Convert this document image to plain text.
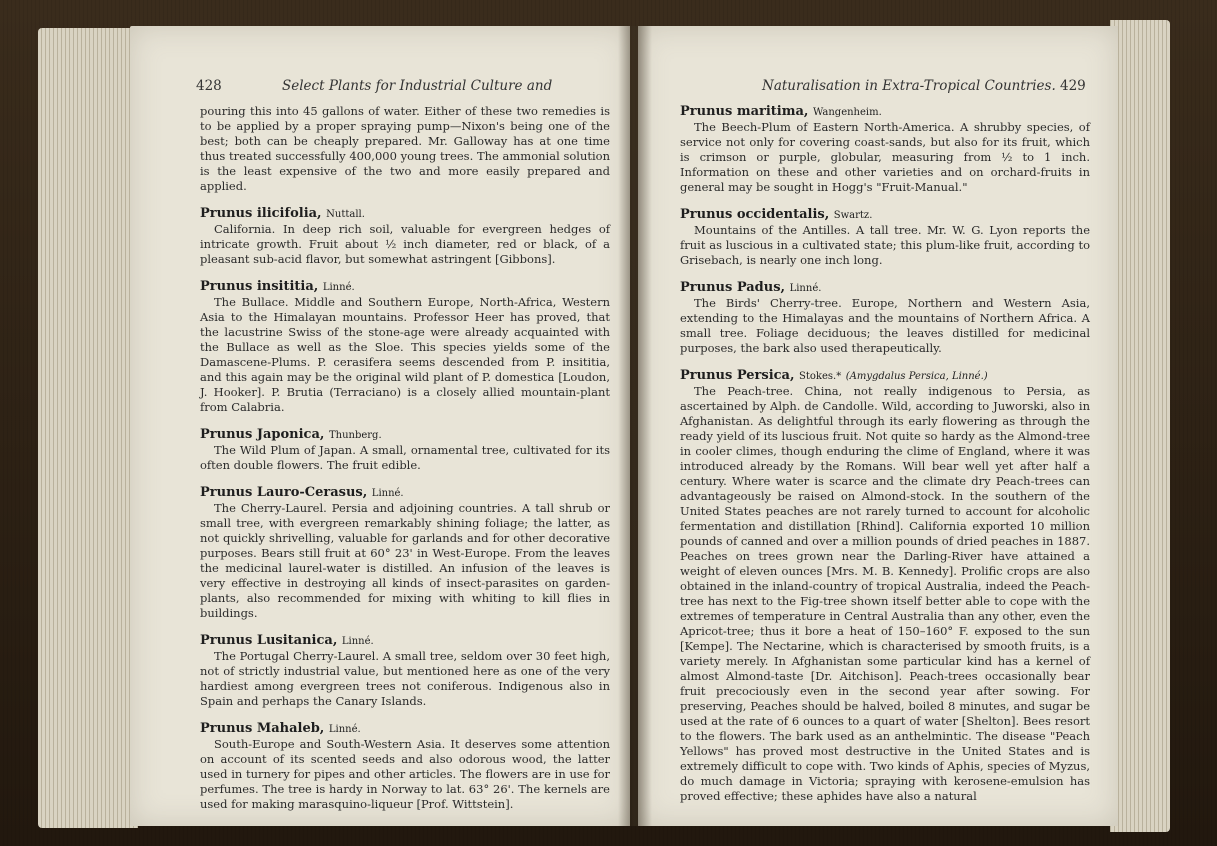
428	Select Plants for Industrial Culture and	Naturalisation in Extra-Tropical Countries. 429

pouring this into 45 gallons of water. Either of these two remedies is to be applied by a proper spraying pump—Nixon's being one of the best; both can be cheaply prepared. Mr. Galloway has at one time thus treated successfully 400,000 young trees. The ammonial solution is the least expensive of the two and more easily prepared and applied.

Prunus ilicifolia, Nuttall.

California. In deep rich soil, valuable for evergreen hedges of intricate growth. Fruit about ½ inch diameter, red or black, of a pleasant sub-acid flavor, but somewhat astringent [Gibbons].

Prunus insititia, Linné.

The Bullace. Middle and Southern Europe, North-Africa, Western Asia to the Himalayan mountains. Professor Heer has proved, that the lacustrine Swiss of the stone-age were already acquainted with the Bullace as well as the Sloe. This species yields some of the Damascene-Plums. P. cerasifera seems descended from P. insititia, and this again may be the original wild plant of P. domestica [Loudon, J. Hooker]. P. Brutia (Terraciano) is a closely allied mountain-plant from Calabria.

Prunus Japonica, Thunberg.

The Wild Plum of Japan. A small, ornamental tree, cultivated for its often double flowers. The fruit edible.

Prunus Lauro-Cerasus, Linné.

The Cherry-Laurel. Persia and adjoining countries. A tall shrub or small tree, with evergreen remarkably shining foliage; the latter, as not quickly shrivelling, valuable for garlands and for other decorative purposes. Bears still fruit at 60° 23' in West-Europe. From the leaves the medicinal laurel-water is distilled. An infusion of the leaves is very effective in destroying all kinds of insect-parasites on garden-plants, also recommended for mixing with whiting to kill flies in buildings.

Prunus Lusitanica, Linné.

The Portugal Cherry-Laurel. A small tree, seldom over 30 feet high, not of strictly industrial value, but mentioned here as one of the very hardiest among evergreen trees not coniferous. Indigenous also in Spain and perhaps the Canary Islands.

Prunus Mahaleb, Linné.

South-Europe and South-Western Asia. It deserves some attention on account of its scented seeds and also odorous wood, the latter used in turnery for pipes and other articles. The flowers are in use for perfumes. The tree is hardy in Norway to lat. 63° 26'. The kernels are used for making marasquino-liqueur [Prof. Wittstein].

Prunus maritima, Wangenheim.

The Beech-Plum of Eastern North-America. A shrubby species, of service not only for covering coast-sands, but also for its fruit, which is crimson or purple, globular, measuring from ½ to 1 inch. Information on these and other varieties and on orchard-fruits in general may be sought in Hogg's "Fruit-Manual."

Prunus occidentalis, Swartz.

Mountains of the Antilles. A tall tree. Mr. W. G. Lyon reports the fruit as luscious in a cultivated state; this plum-like fruit, according to Grisebach, is nearly one inch long.

Prunus Padus, Linné.

The Birds' Cherry-tree. Europe, Northern and Western Asia, extending to the Himalayas and the mountains of Northern Africa. A small tree. Foliage deciduous; the leaves distilled for medicinal purposes, the bark also used therapeutically.

Prunus Persica, Stokes.* (Amygdalus Persica, Linné.)

The Peach-tree. China, not really indigenous to Persia, as ascertained by Alph. de Candolle. Wild, according to Juworski, also in Afghanistan. As delightful through its early flowering as through the ready yield of its luscious fruit. Not quite so hardy as the Almond-tree in cooler climes, though enduring the clime of England, where it was introduced already by the Romans. Will bear well yet after half a century. Where water is scarce and the climate dry Peach-trees can advantageously be raised on Almond-stock. In the southern of the United States peaches are not rarely turned to account for alcoholic fermentation and distillation [Rhind]. California exported 10 million pounds of canned and over a million pounds of dried peaches in 1887. Peaches on trees grown near the Darling-River have attained a weight of eleven ounces [Mrs. M. B. Kennedy]. Prolific crops are also obtained in the inland-country of tropical Australia, indeed the Peach-tree has next to the Fig-tree shown itself better able to cope with the extremes of temperature in Central Australia than any other, even the Apricot-tree; thus it bore a heat of 150–160° F. exposed to the sun [Kempe]. The Nectarine, which is characterised by smooth fruits, is a variety merely. In Afghanistan some particular kind has a kernel of almost Almond-taste [Dr. Aitchison]. Peach-trees occasionally bear fruit precociously even in the second year after sowing. For preserving, Peaches should be halved, boiled 8 minutes, and sugar be used at the rate of 6 ounces to a quart of water [Shelton]. Bees resort to the flowers. The bark used as an anthelmintic. The disease "Peach Yellows" has proved most destructive in the United States and is extremely difficult to cope with. Two kinds of Aphis, species of Myzus, do much damage in Victoria; spraying with kerosene-emulsion has proved effective; these aphides have also a natural
